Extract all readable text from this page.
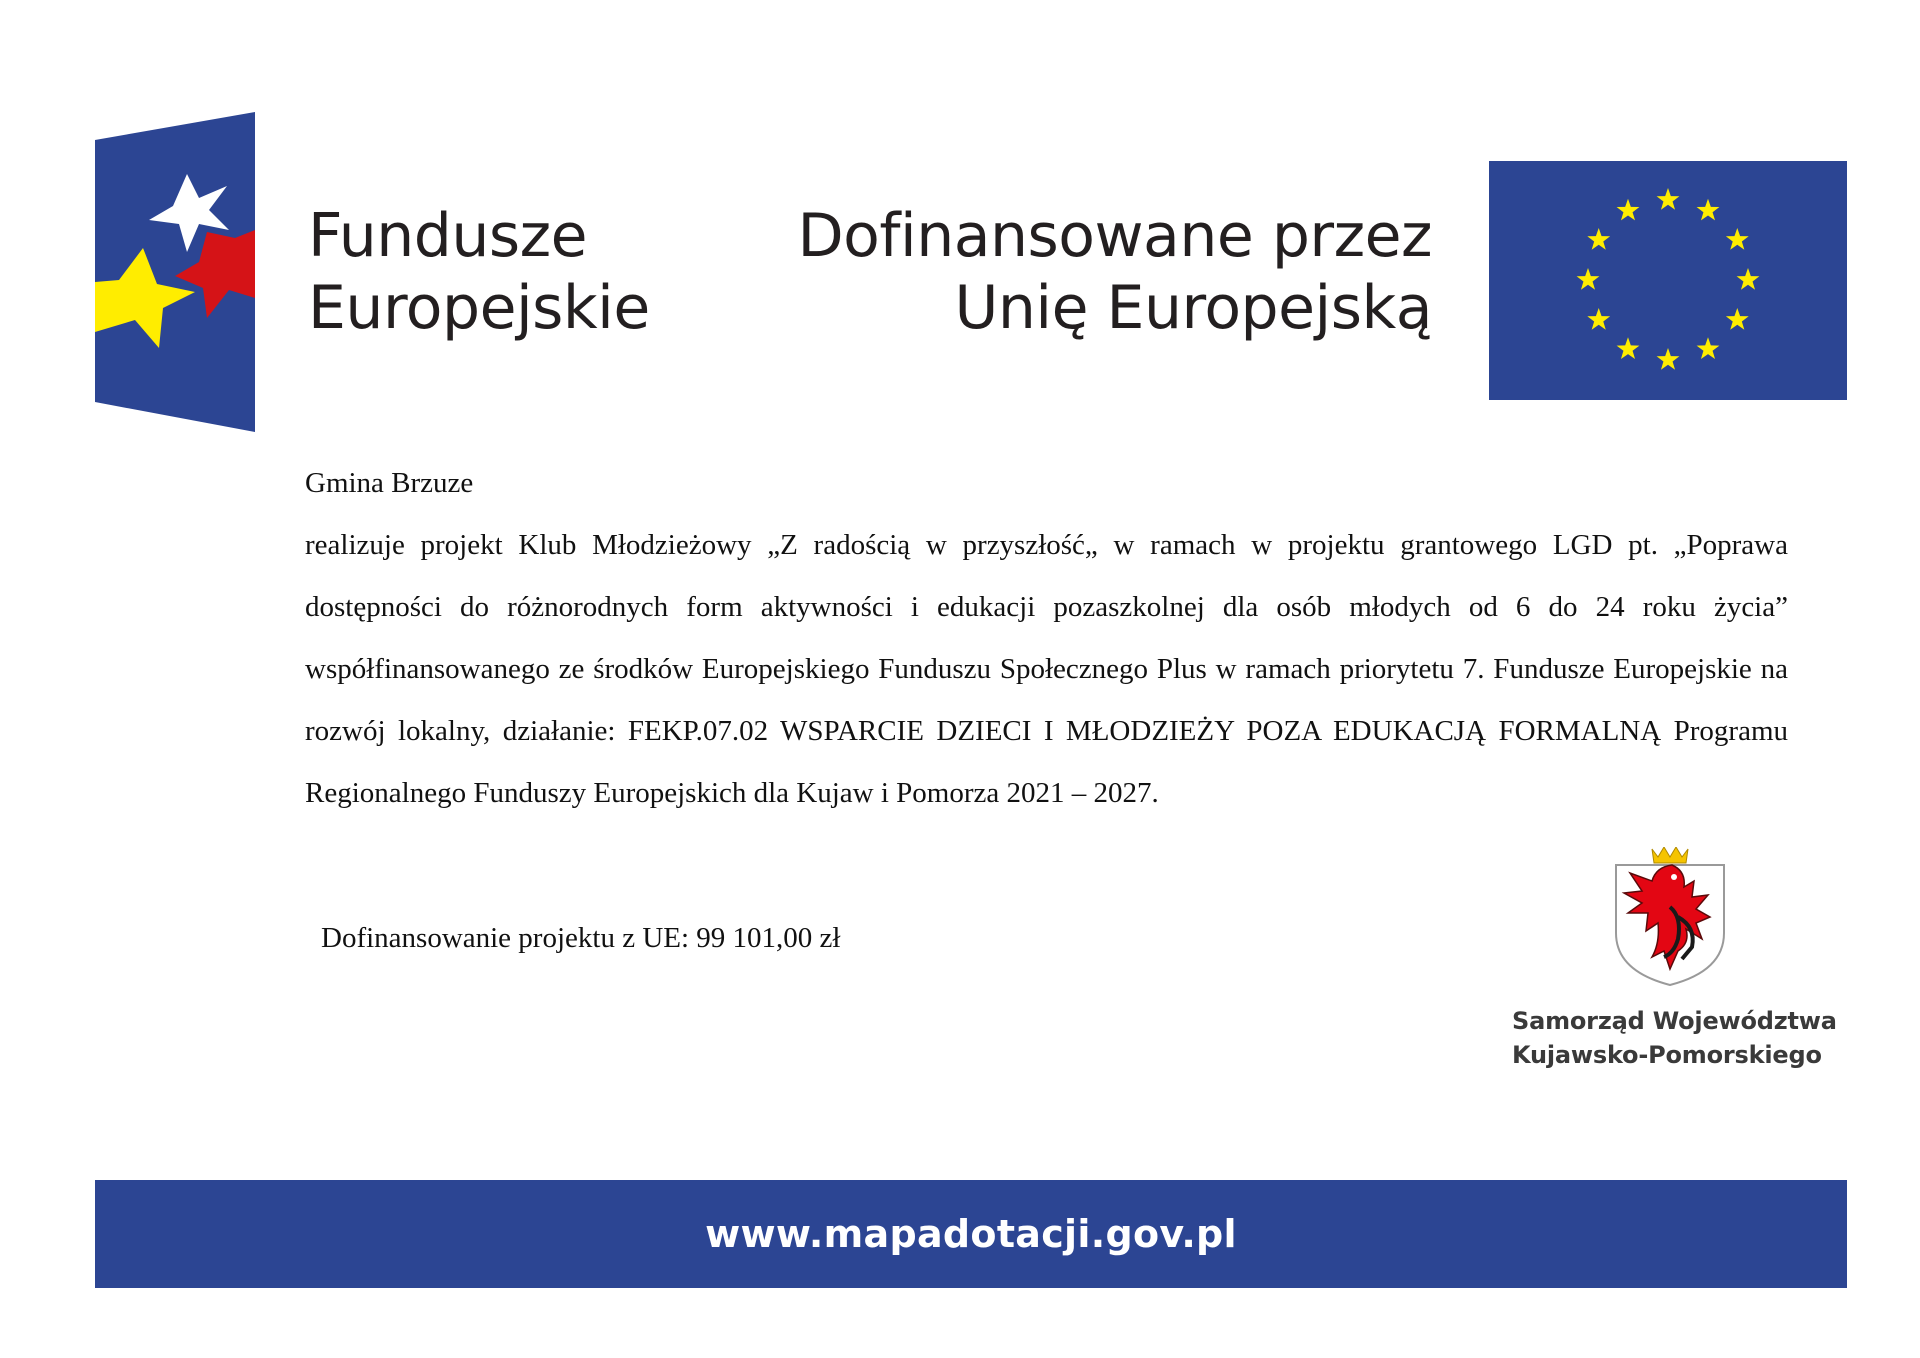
Fundusze
Europejskie
Dofinansowane przez
Unię Europejską
Gmina Brzuze
realizuje projekt Klub Młodzieżowy „Z radością w przyszłość„ w ramach w projektu grantowego LGD pt. „Poprawa dostępności do różnorodnych form aktywności i edukacji pozaszkolnej dla osób młodych od 6 do 24 roku życia” współfinansowanego ze środków Europejskiego Funduszu Społecznego Plus w ramach priorytetu 7. Fundusze Europejskie na rozwój lokalny, działanie: FEKP.07.02 WSPARCIE DZIECI I MŁODZIEŻY POZA EDUKACJĄ FORMALNĄ Programu Regionalnego Funduszy Europejskich dla Kujaw i Pomorza 2021 – 2027.
Dofinansowanie projektu z UE: 99 101,00 zł
Samorząd Województwa
Kujawsko-Pomorskiego
www.mapadotacji.gov.pl
